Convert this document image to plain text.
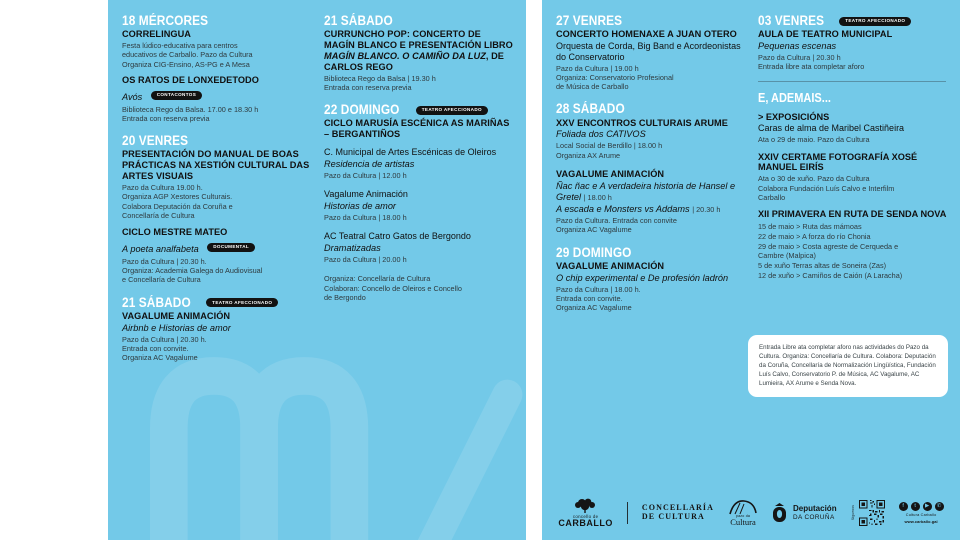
18 MÉRCORES
CORRELINGUA
Festa lúdico-educativa para centros
educativos de Carballo. Pazo da Cultura
Organiza CIG-Ensino, AS-PG e A Mesa
OS RATOS DE LONXEDETODO
Avós	CONTACONTOS
Biblioteca Rego da Balsa. 17.00 e 18.30 h
Entrada con reserva previa
20 VENRES
PRESENTACIÓN DO MANUAL DE BOAS PRÁCTICAS NA XESTIÓN CULTURAL DAS ARTES VISUAIS
Pazo da Cultura 19.00 h.
Organiza AGP Xestores Culturais.
Colabora Deputación da Coruña e
Concellaría de Cultura
CICLO MESTRE MATEO
A poeta analfabeta	DOCUMENTAL
Pazo da Cultura | 20.30 h.
Organiza: Academia Galega do Audiovisual
e Concellaría de Cultura
21 SÁBADO	TEATRO AFECCIONADO
VAGALUME ANIMACIÓN
Airbnb e Historias de amor
Pazo da Cultura | 20.30 h.
Entrada con convite.
Organiza AC Vagalume
21 SÁBADO
CURRUNCHO POP: CONCERTO DE MAGÍN BLANCO E PRESENTACIÓN LIBRO MAGÍN BLANCO. O CAMIÑO DA LUZ, DE CARLOS REGO
Biblioteca Rego da Balsa | 19.30 h
Entrada con reserva previa
22 DOMINGO	TEATRO AFECCIONADO
CICLO MARUSÍA ESCÉNICA AS MARIÑAS – BERGANTIÑOS
C. Municipal de Artes Escénicas de Oleiros
Residencia de artistas
Pazo da Cultura | 12.00 h
Vagalume Animación
Historias de amor
Pazo da Cultura | 18.00 h
AC Teatral Catro Gatos de Bergondo
Dramatizadas
Pazo da Cultura | 20.00 h
Organiza: Concellaría de Cultura
Colaboran: Concello de Oleiros e Concello
de Bergondo
27 VENRES
CONCERTO HOMENAXE A JUAN OTERO
Orquesta de Corda, Big Band e Acordeonistas do Conservatorio
Pazo da Cultura | 19.00 h
Organiza: Conservatorio Profesional
de Música de Carballo
28 SÁBADO
XXV ENCONTROS CULTURAIS ARUME
Foliada dos CATIVOS
Local Social de Berdillo | 18.00 h
Organiza AX Arume
VAGALUME ANIMACIÓN
Ñac ñac e A verdadeira historia de Hansel e Gretel | 18.00 h
A escada e Monsters vs Addams | 20.30 h
Pazo da Cultura. Entrada con convite
Organiza AC Vagalume
29 DOMINGO
VAGALUME ANIMACIÓN
O chip experimental e De profesión ladrón
Pazo da Cultura | 18.00 h.
Entrada con convite.
Organiza AC Vagalume
03 VENRES	TEATRO AFECCIONADO
AULA DE TEATRO MUNICIPAL
Pequenas escenas
Pazo da Cultura | 20.30 h
Entrada libre ata completar aforo
E, ADEMAIS...
> EXPOSICIÓNS
Caras de alma de Maribel Castiñeira
Ata o 29 de maio. Pazo da Cultura
XXIV CERTAME FOTOGRAFÍA XOSÉ MANUEL EIRÍS
Ata o 30 de xuño. Pazo da Cultura
Colabora Fundación Luís Calvo e Interfilm
Carballo
XII PRIMAVERA EN RUTA DE SENDA NOVA
15 de maio > Ruta das mámoas
22 de maio > A forza do río Chonia
29 de maio > Costa agreste de Cerqueda e
Cambre (Malpica)
5 de xuño Terras altas de Soneira (Zas)
12 de xuño > Camiños de Caión (A Laracha)
Entrada Libre ata completar aforo nas actividades do Pazo da Cultura. Organiza: Concellaría de Cultura. Colabora: Deputación da Coruña, Concellaría de Normalización Lingüística, Fundación Luís Calvo, Conservatorio P. de Música, AC Vagalume, AC Lumieira, AX Arume e Senda Nova.
concello de
CARBALLO
CONCELLARÍA
DE CULTURA	pazo da
Cultura
Deputación
DA CORUÑA	Síguenos	f	t	▶	✆
Cultura Carballo
www.carballo.gal
